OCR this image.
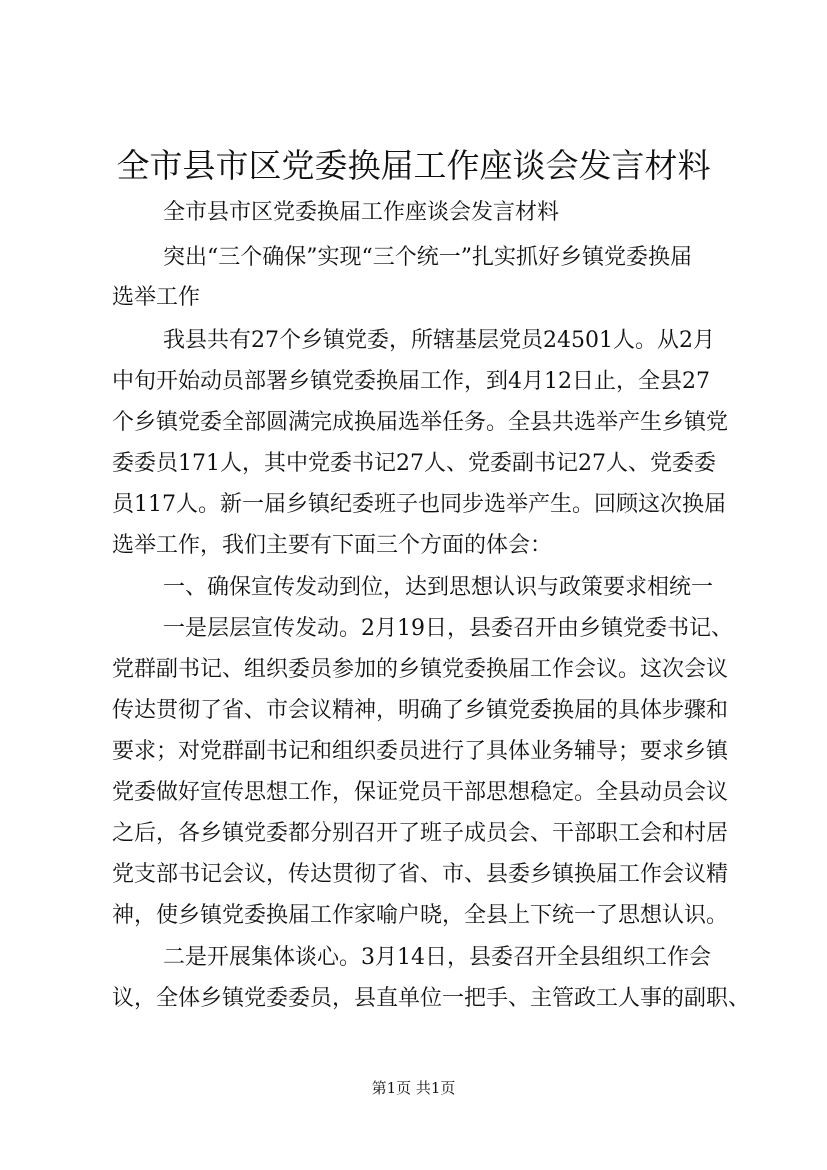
全市县市区党委换届工作座谈会发言材料
全市县市区党委换届工作座谈会发言材料
突出“三个确保”实现“三个统一”扎实抓好乡镇党委换届
选举工作
我县共有27个乡镇党委，所辖基层党员24501人。从2月
中旬开始动员部署乡镇党委换届工作，到4月12日止，全县27
个乡镇党委全部圆满完成换届选举任务。全县共选举产生乡镇党
委委员171人，其中党委书记27人、党委副书记27人、党委委
员117人。新一届乡镇纪委班子也同步选举产生。回顾这次换届
选举工作，我们主要有下面三个方面的体会：
一、确保宣传发动到位，达到思想认识与政策要求相统一
一是层层宣传发动。2月19日，县委召开由乡镇党委书记、
党群副书记、组织委员参加的乡镇党委换届工作会议。这次会议
传达贯彻了省、市会议精神，明确了乡镇党委换届的具体步骤和
要求；对党群副书记和组织委员进行了具体业务辅导；要求乡镇
党委做好宣传思想工作，保证党员干部思想稳定。全县动员会议
之后，各乡镇党委都分别召开了班子成员会、干部职工会和村居
党支部书记会议，传达贯彻了省、市、县委乡镇换届工作会议精
神，使乡镇党委换届工作家喻户晓，全县上下统一了思想认识。
二是开展集体谈心。3月14日，县委召开全县组织工作会
议，全体乡镇党委委员，县直单位一把手、主管政工人事的副职、
第1页 共1页
